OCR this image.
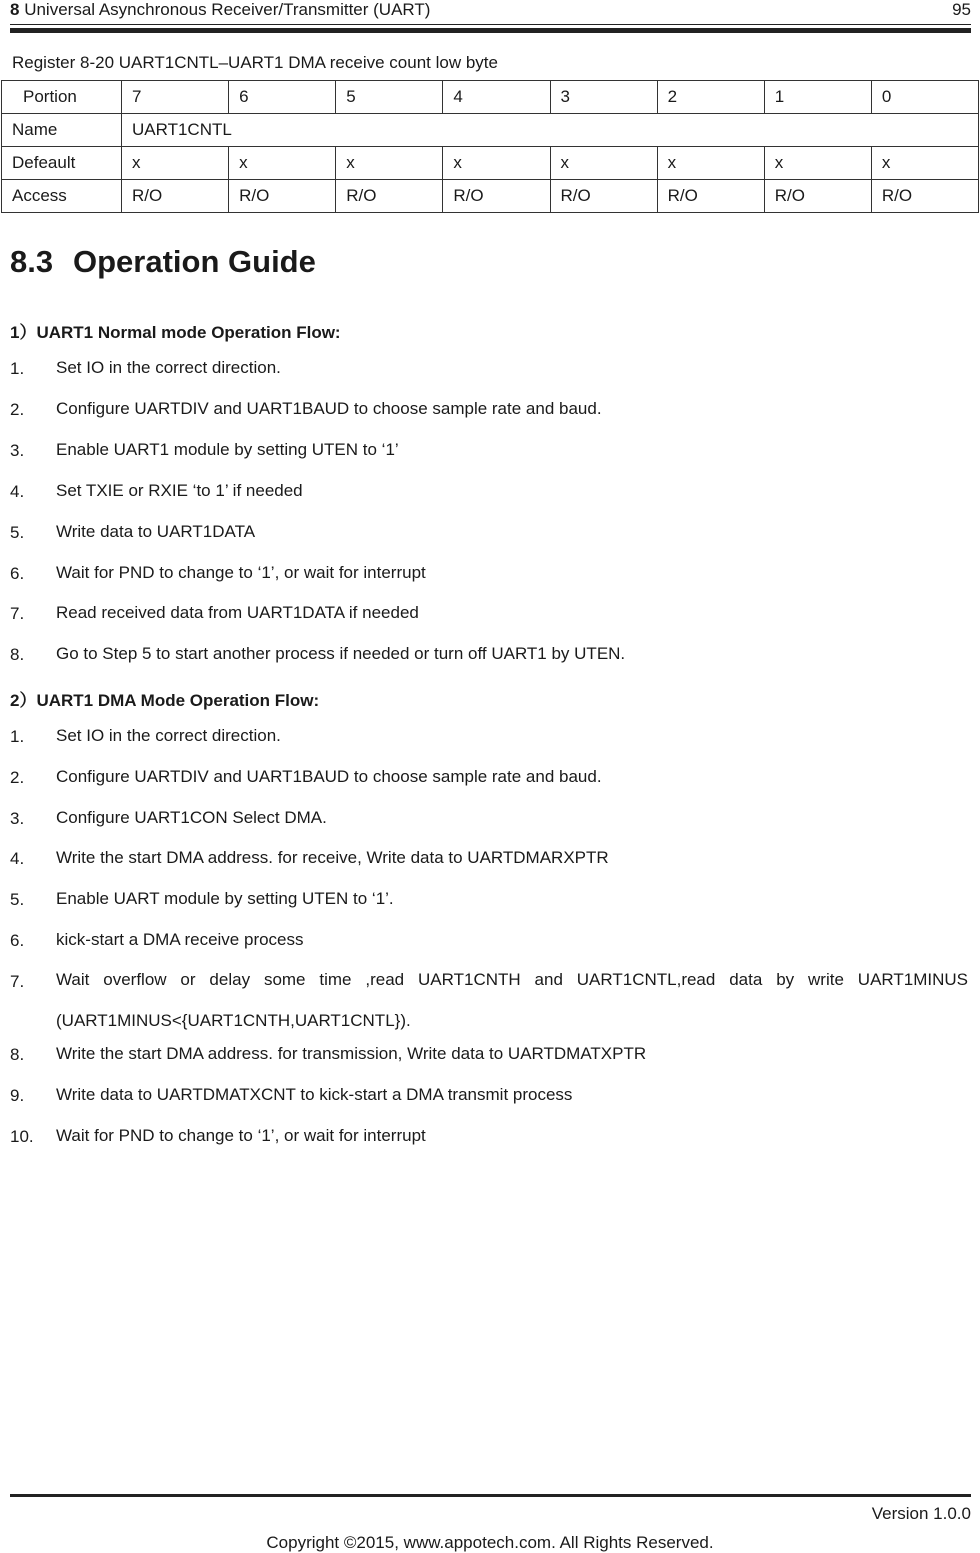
8 Universal Asynchronous Receiver/Transmitter (UART)	95
Register 8-20 UART1CNTL–UART1 DMA receive count low byte
Portion	7	6	5	4	3	2	1	0
Name	UART1CNTL							
Defeault	x	x	x	x	x	x	x	x
Access	R/O	R/O	R/O	R/O	R/O	R/O	R/O	R/O
8.3 Operation Guide
1）UART1 Normal mode Operation Flow:
1. Set IO in the correct direction.
2. Configure UARTDIV and UART1BAUD to choose sample rate and baud.
3. Enable UART1 module by setting UTEN to ‘1’
4. Set TXIE or RXIE ‘to 1’ if needed
5. Write data to UART1DATA
6. Wait for PND to change to ‘1’, or wait for interrupt
7. Read received data from UART1DATA if needed
8. Go to Step 5 to start another process if needed or turn off UART1 by UTEN.
2）UART1 DMA Mode Operation Flow:
1. Set IO in the correct direction.
2. Configure UARTDIV and UART1BAUD to choose sample rate and baud.
3. Configure UART1CON Select DMA.
4. Write the start DMA address. for receive, Write data to UARTDMARXPTR
5. Enable UART module by setting UTEN to ‘1’.
6. kick-start a DMA receive process
7. Wait overflow or delay some time ,read UART1CNTH and UART1CNTL,read data by write UART1MINUS (UART1MINUS<{UART1CNTH,UART1CNTL}).
8. Write the start DMA address. for transmission, Write data to UARTDMATXPTR
9. Write data to UARTDMATXCNT to kick-start a DMA transmit process
10. Wait for PND to change to ‘1’, or wait for interrupt
Version 1.0.0
Copyright ©2015, www.appotech.com. All Rights Reserved.
